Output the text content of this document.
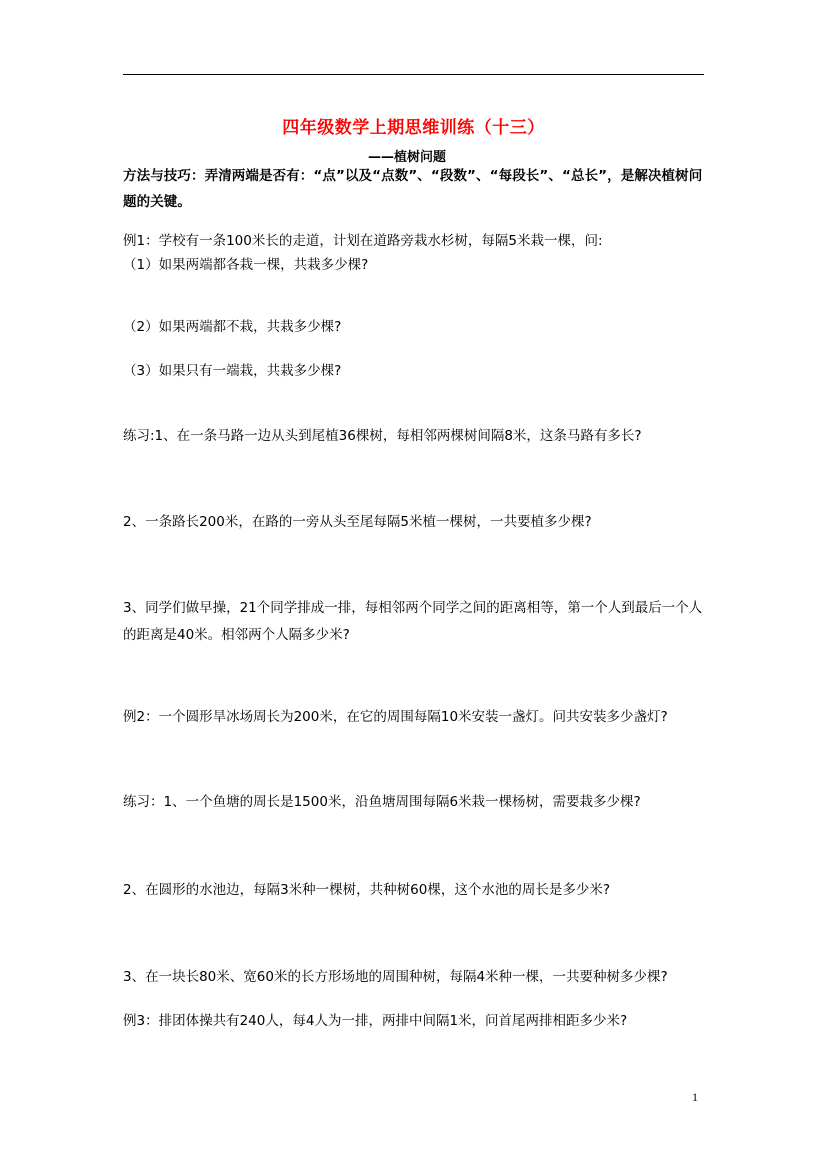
四年级数学上期思维训练（十三）
——植树问题
方法与技巧：弄清两端是否有：“点”以及“点数”、“段数”、“每段长”、“总长”，是解决植树问题的关键。
例1：学校有一条100米长的走道，计划在道路旁栽水杉树，每隔5米栽一棵，问:
（1）如果两端都各栽一棵，共栽多少棵?
（2）如果两端都不栽，共栽多少棵?
（3）如果只有一端栽，共栽多少棵?
练习:1、在一条马路一边从头到尾植36棵树，每相邻两棵树间隔8米，这条马路有多长?
2、一条路长200米，在路的一旁从头至尾每隔5米植一棵树，一共要植多少棵?
3、同学们做早操，21个同学排成一排，每相邻两个同学之间的距离相等，第一个人到最后一个人的距离是40米。相邻两个人隔多少米?
例2：一个圆形旱冰场周长为200米，在它的周围每隔10米安装一盏灯。问共安装多少盏灯?
练习：1、一个鱼塘的周长是1500米，沿鱼塘周围每隔6米栽一棵杨树，需要栽多少棵?
2、在圆形的水池边，每隔3米种一棵树，共种树60棵，这个水池的周长是多少米?
3、在一块长80米、宽60米的长方形场地的周围种树，每隔4米种一棵，一共要种树多少棵?
例3：排团体操共有240人，每4人为一排，两排中间隔1米，问首尾两排相距多少米?
1
